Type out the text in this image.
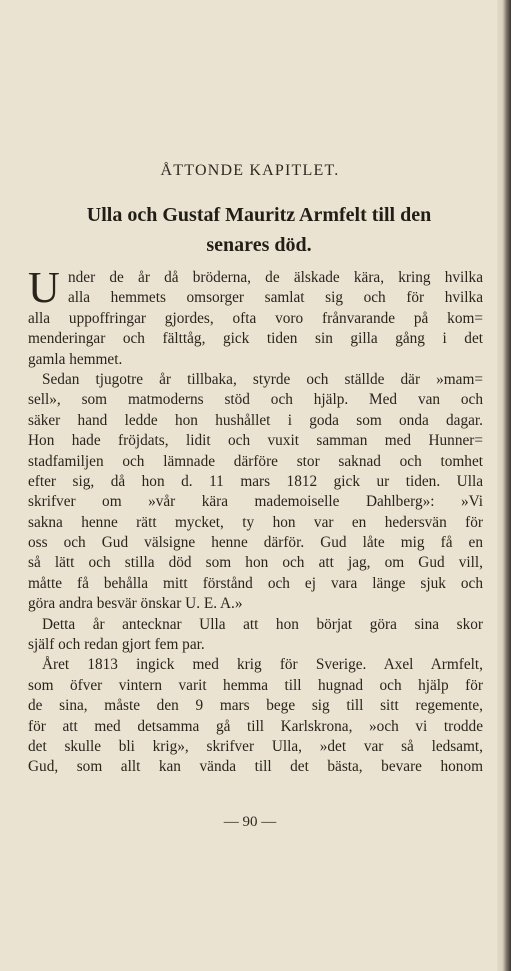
ÅTTONDE KAPITLET.
Ulla och Gustaf Mauritz Armfelt till den
senares död.
U nder de år då bröderna, de älskade kära, kring hvilka
alla hemmets omsorger samlat sig och för hvilka
alla uppoffringar gjordes, ofta voro frånvarande på kom=
menderingar och fälttåg, gick tiden sin gilla gång i det
gamla hemmet.
Sedan tjugotre år tillbaka, styrde och ställde där »mam=
sell», som matmoderns stöd och hjälp. Med van och
säker hand ledde hon hushållet i goda som onda dagar.
Hon hade fröjdats, lidit och vuxit samman med Hunner=
stadfamiljen och lämnade därföre stor saknad och tomhet
efter sig, då hon d. 11 mars 1812 gick ur tiden. Ulla
skrifver om »vår kära mademoiselle Dahlberg»: »Vi
sakna henne rätt mycket, ty hon var en hedersvän för
oss och Gud välsigne henne därför. Gud låte mig få en
så lätt och stilla död som hon och att jag, om Gud vill,
måtte få behålla mitt förstånd och ej vara länge sjuk och
göra andra besvär önskar U. E. A.»
Detta år antecknar Ulla att hon börjat göra sina skor
själf och redan gjort fem par.
Året 1813 ingick med krig för Sverige. Axel Armfelt,
som öfver vintern varit hemma till hugnad och hjälp för
de sina, måste den 9 mars bege sig till sitt regemente,
för att med detsamma gå till Karlskrona, »och vi trodde
det skulle bli krig», skrifver Ulla, »det var så ledsamt,
Gud, som allt kan vända till det bästa, bevare honom
— 90 —
